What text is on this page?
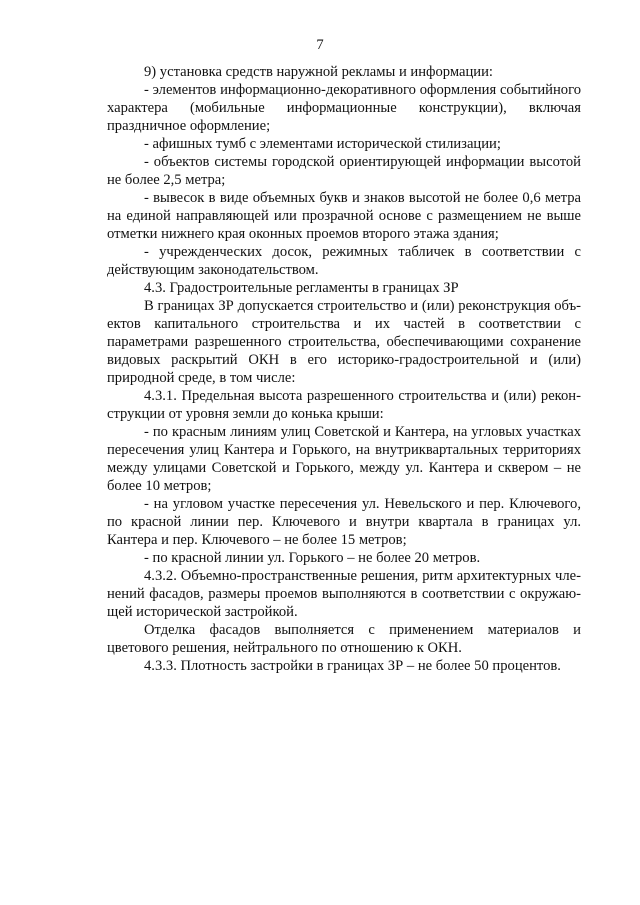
7

9) установка средств наружной рекламы и информации:

- элементов информационно-декоративного оформления событийного характера (мобильные информационные конструкции), включая праздничное оформление;

- афишных тумб с элементами исторической стилизации;

- объектов системы городской ориентирующей информации высотой не более 2,5 метра;

- вывесок в виде объемных букв и знаков высотой не более 0,6 метра на единой направляющей или прозрачной основе с размещением не выше отметки нижнего края оконных проемов второго этажа здания;

- учрежденческих досок, режимных табличек в соответствии с действующим законодательством.

4.3. Градостроительные регламенты в границах ЗР

В границах ЗР допускается строительство и (или) реконструкция объектов капитального строительства и их частей в соответствии с параметрами разрешенного строительства, обеспечивающими сохранение видовых раскрытий ОКН в его историко-градостроительной и (или) природной среде, в том числе:

4.3.1. Предельная высота разрешенного строительства и (или) реконструкции от уровня земли до конька крыши:

- по красным линиям улиц Советской и Кантера, на угловых участках пересечения улиц Кантера и Горького, на внутриквартальных территориях между улицами Советской и Горького, между ул. Кантера и сквером – не более 10 метров;

- на угловом участке пересечения ул. Невельского и пер. Ключевого, по красной линии пер. Ключевого и внутри квартала в границах ул. Кантера и пер. Ключевого – не более 15 метров;

- по красной линии ул. Горького – не более 20 метров.

4.3.2. Объемно-пространственные решения, ритм архитектурных членений фасадов, размеры проемов выполняются в соответствии с окружающей исторической застройкой.

Отделка фасадов выполняется с применением материалов и цветового решения, нейтрального по отношению к ОКН.

4.3.3. Плотность застройки в границах ЗР – не более 50 процентов.
